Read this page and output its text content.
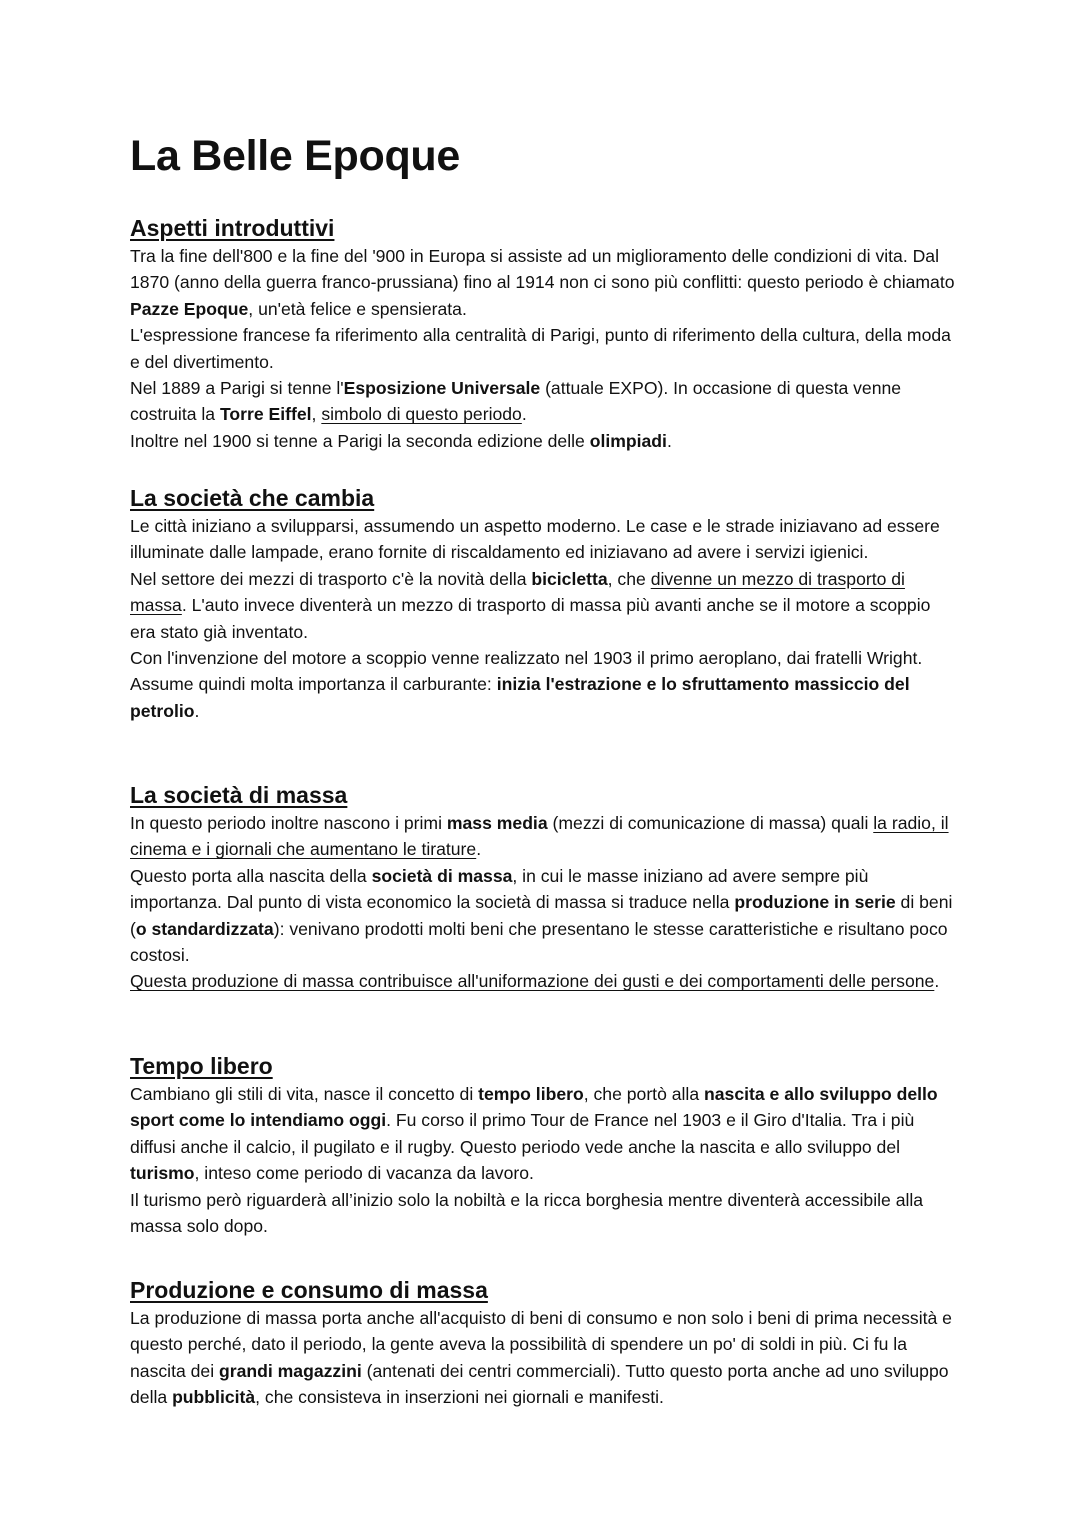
La Belle Epoque
Aspetti introduttivi

Tra la fine dell'800 e la fine del '900 in Europa si assiste ad un miglioramento delle condizioni di vita. Dal 1870 (anno della guerra franco-prussiana) fino al 1914 non ci sono più conflitti: questo periodo è chiamato Pazze Epoque, un'età felice e spensierata.

L'espressione francese fa riferimento alla centralità di Parigi, punto di riferimento della cultura, della moda e del divertimento.

Nel 1889 a Parigi si tenne l'Esposizione Universale (attuale EXPO). In occasione di questa venne costruita la Torre Eiffel, simbolo di questo periodo.

Inoltre nel 1900 si tenne a Parigi la seconda edizione delle olimpiadi.

La società che cambia

Le città iniziano a svilupparsi, assumendo un aspetto moderno. Le case e le strade iniziavano ad essere illuminate dalle lampade, erano fornite di riscaldamento ed iniziavano ad avere i servizi igienici.

Nel settore dei mezzi di trasporto c'è la novità della bicicletta, che divenne un mezzo di trasporto di massa. L'auto invece diventerà un mezzo di trasporto di massa più avanti anche se il motore a scoppio era stato già inventato.

Con l'invenzione del motore a scoppio venne realizzato nel 1903 il primo aeroplano, dai fratelli Wright. Assume quindi molta importanza il carburante: inizia l'estrazione e lo sfruttamento massiccio del petrolio.

La società di massa

In questo periodo inoltre nascono i primi mass media (mezzi di comunicazione di massa) quali la radio, il cinema e i giornali che aumentano le tirature.

Questo porta alla nascita della società di massa, in cui le masse iniziano ad avere sempre più importanza. Dal punto di vista economico la società di massa si traduce nella produzione in serie di beni (o standardizzata): venivano prodotti molti beni che presentano le stesse caratteristiche e risultano poco costosi.

Questa produzione di massa contribuisce all'uniformazione dei gusti e dei comportamenti delle persone.

Tempo libero

Cambiano gli stili di vita, nasce il concetto di tempo libero, che portò alla nascita e allo sviluppo dello sport come lo intendiamo oggi. Fu corso il primo Tour de France nel 1903 e il Giro d'Italia. Tra i più diffusi anche il calcio, il pugilato e il rugby. Questo periodo vede anche la nascita e allo sviluppo del turismo, inteso come periodo di vacanza da lavoro.

Il turismo però riguarderà all’inizio solo la nobiltà e la ricca borghesia mentre diventerà accessibile alla massa solo dopo.

Produzione e consumo di massa

La produzione di massa porta anche all'acquisto di beni di consumo e non solo i beni di prima necessità e questo perché, dato il periodo, la gente aveva la possibilità di spendere un po' di soldi in più. Ci fu la nascita dei grandi magazzini (antenati dei centri commerciali). Tutto questo porta anche ad uno sviluppo della pubblicità, che consisteva in inserzioni nei giornali e manifesti.
